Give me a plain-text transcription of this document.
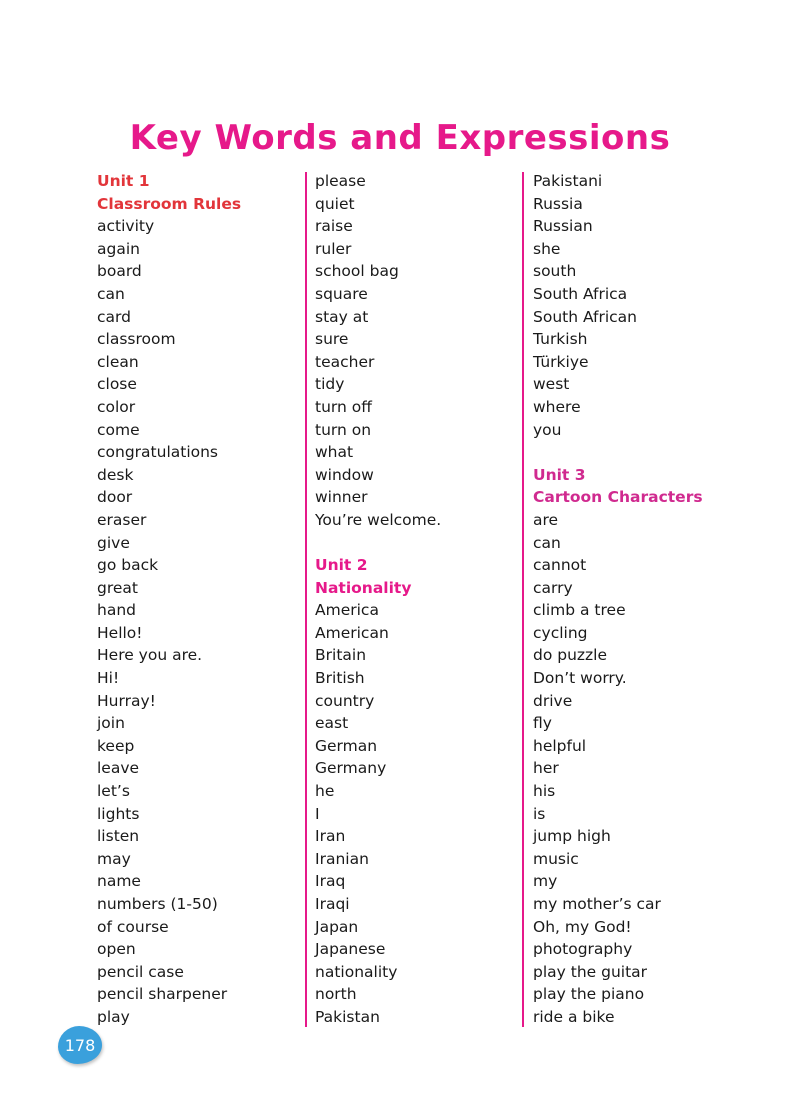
Key Words and Expressions
Unit 1
Classroom Rules
activity
again
board
can
card
classroom
clean
close
color
come
congratulations
desk
door
eraser
give
go back
great
hand
Hello!
Here you are.
Hi!
Hurray!
join
keep
leave
let’s
lights
listen
may
name
numbers (1-50)
of course
open
pencil case
pencil sharpener
play
please
quiet
raise
ruler
school bag
square
stay at
sure
teacher
tidy
turn off
turn on
what
window
winner
You’re welcome.
Unit 2
Nationality
America
American
Britain
British
country
east
German
Germany
he
I
Iran
Iranian
Iraq
Iraqi
Japan
Japanese
nationality
north
Pakistan
Pakistani
Russia
Russian
she
south
South Africa
South African
Turkish
Türkiye
west
where
you
Unit 3
Cartoon Characters
are
can
cannot
carry
climb a tree
cycling
do puzzle
Don’t worry.
drive
fly
helpful
her
his
is
jump high
music
my
my mother’s car
Oh, my God!
photography
play the guitar
play the piano
ride a bike
178
